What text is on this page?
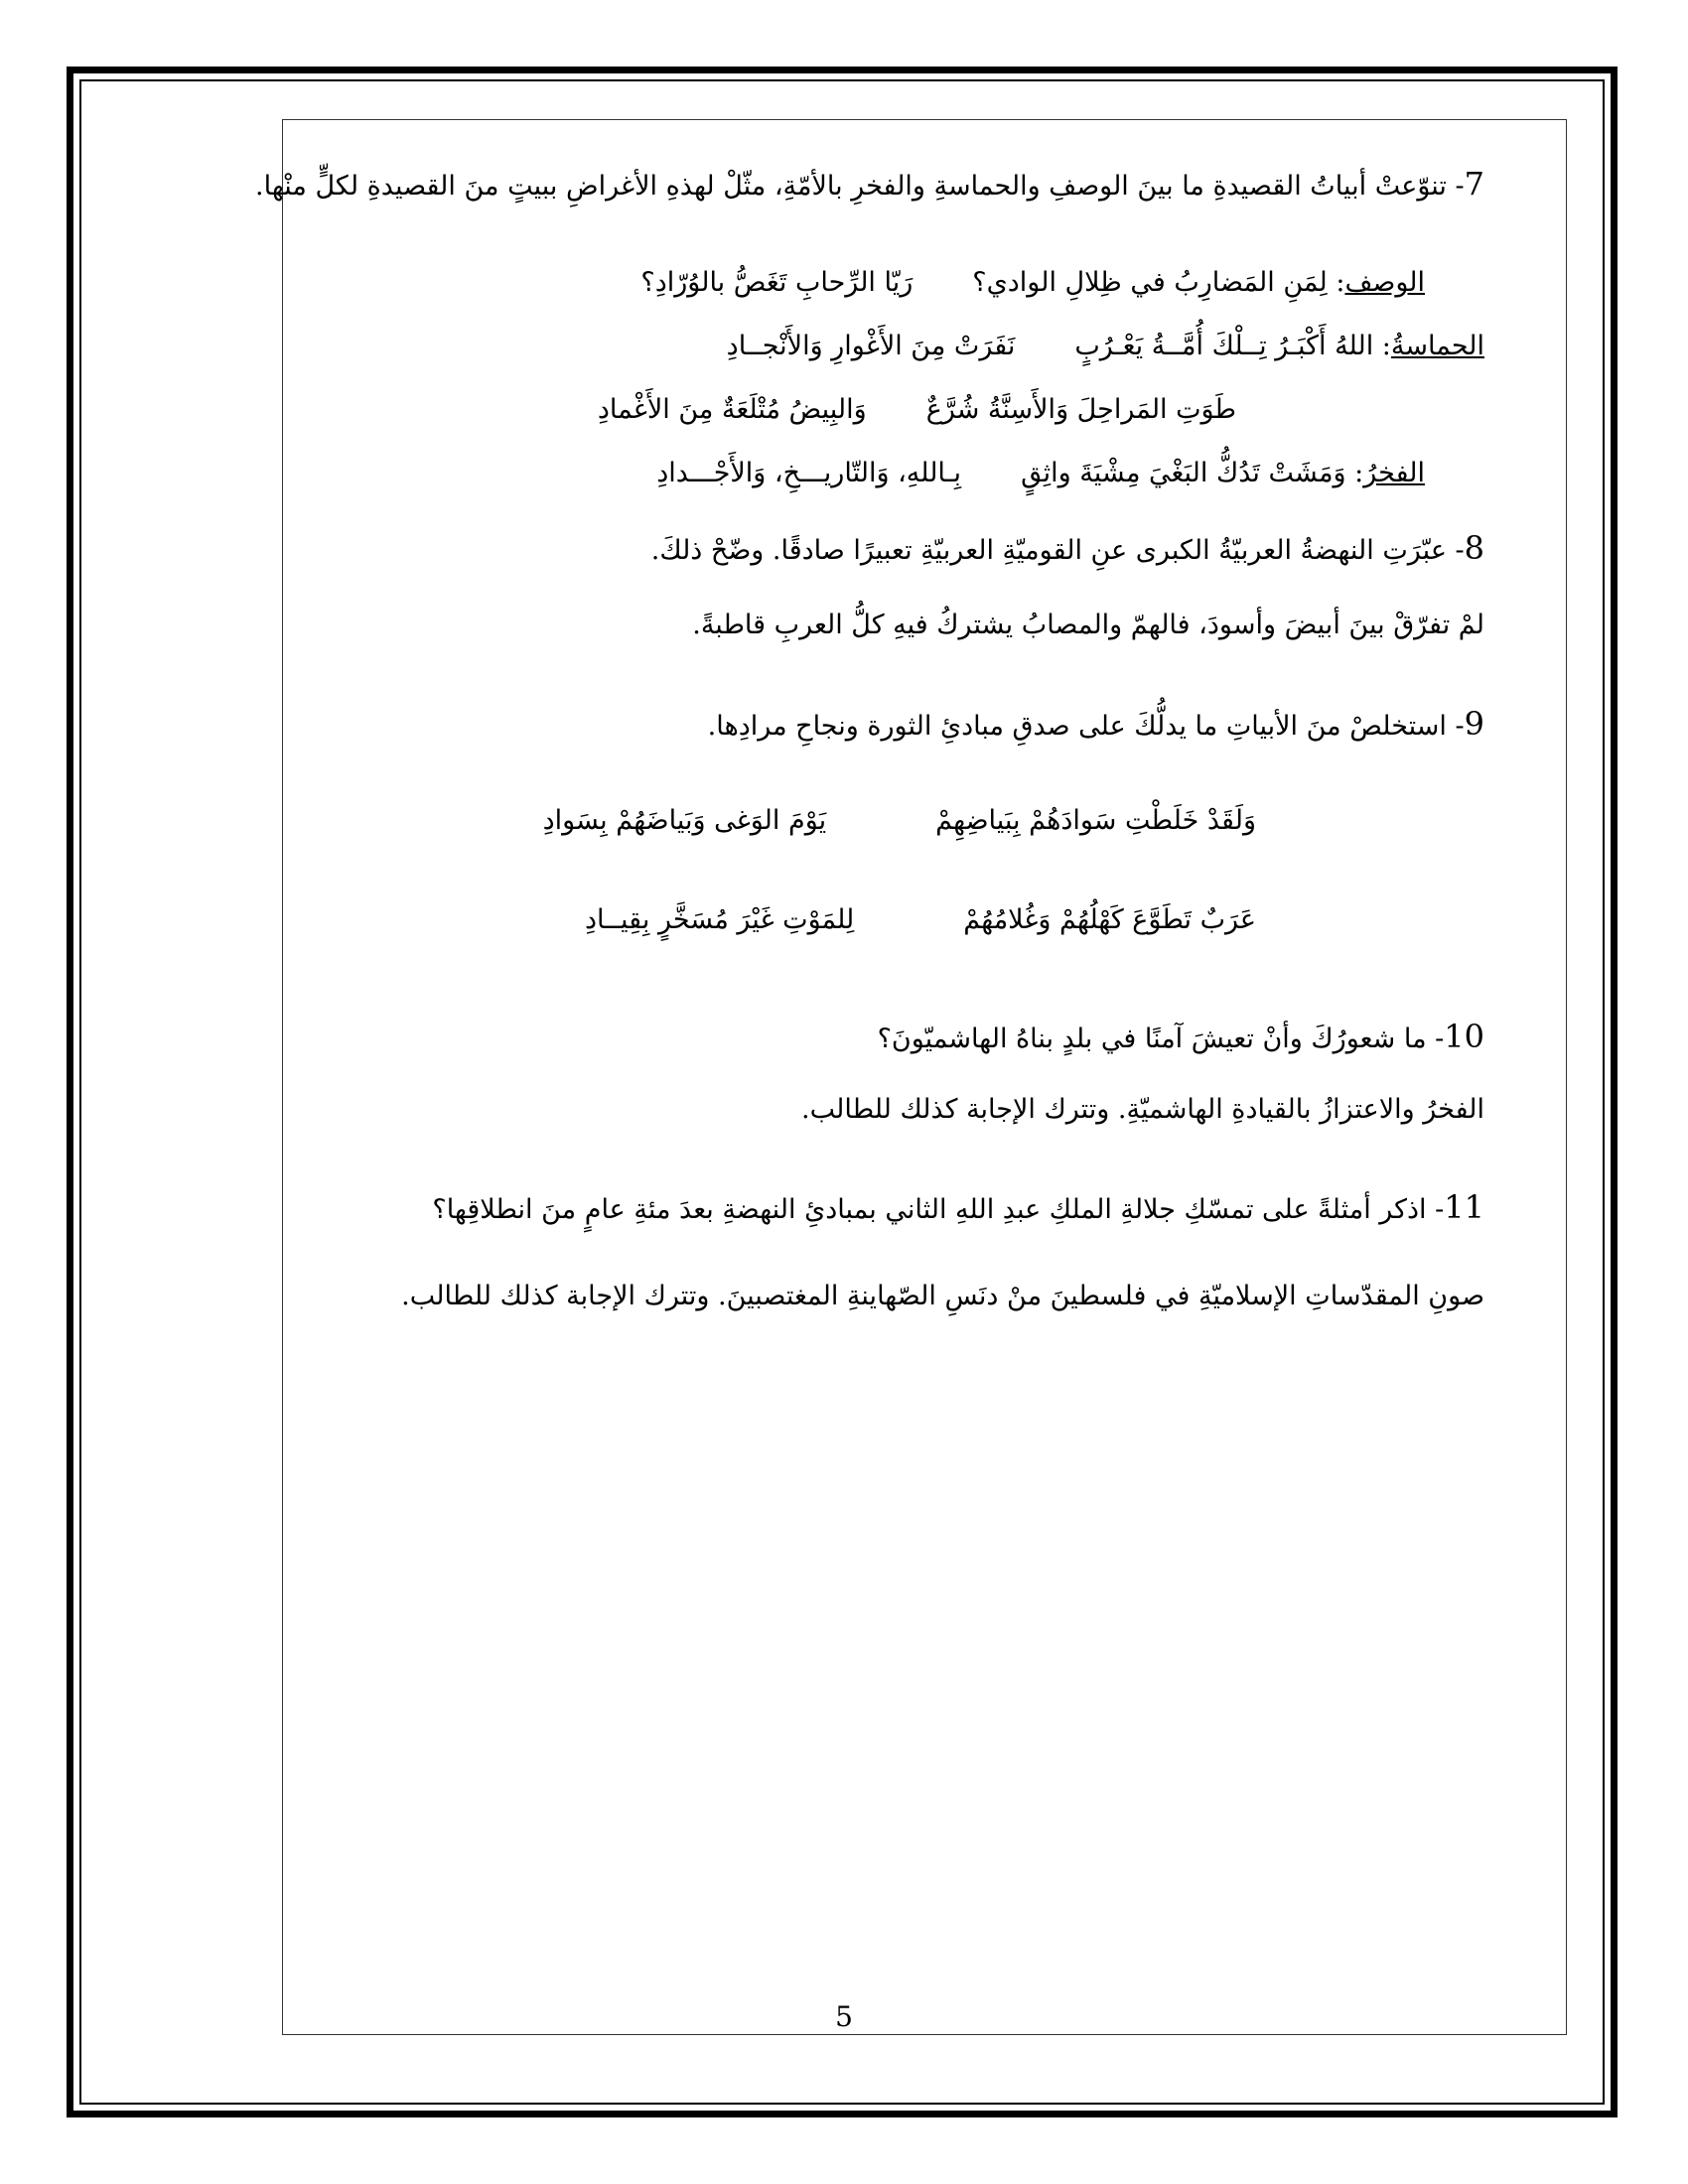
7- تنوّعتْ أبياتُ القصيدةِ ما بينَ الوصفِ والحماسةِ والفخرِ بالأمّةِ، مثّلْ لهذهِ الأغراضِ ببيتٍ منَ القصيدةِ لكلٍّ منْها.

الوصف: لِمَنِ المَضارِبُ في ظِلالِ الوادي؟
رَيّا الرِّحابِ تَغَصُّ بالوُرّادِ؟
الحماسةُ: اللهُ أَكْبَـرُ تِــلْكَ أُمَّــةُ يَعْـرُبٍ
نَفَرَتْ مِنَ الأَغْوارِ وَالأَنْجــادِ
طَوَتِ المَراحِلَ وَالأَسِنَّةُ شُرَّعٌ
وَالبِيضُ مُتْلَعَةٌ مِنَ الأَغْمادِ
الفخرُ: وَمَشَتْ تَدُكُّ البَغْيَ مِشْيَةَ واثِقٍ
بِـاللهِ، وَالتّاريـــخِ، وَالأَجْـــدادِ

8- عبّرَتِ النهضةُ العربيّةُ الكبرى عنِ القوميّةِ العربيّةِ تعبيرًا صادقًا. وضّحْ ذلكَ.

لمْ تفرّقْ بينَ أبيضَ وأسودَ، فالهمّ والمصابُ يشتركُ فيهِ كلُّ العربِ قاطبةً.

9- استخلصْ منَ الأبياتِ ما يدلُّكَ على صدقِ مبادئِ الثورة ونجاحِ مرادِها.

وَلَقَدْ خَلَطْتِ سَوادَهُمْ بِبَياضِهِمْ
يَوْمَ الوَغى وَبَياضَهُمْ بِسَوادِ
عَرَبٌ تَطَوَّعَ كَهْلُهُمْ وَغُلامُهُمْ
لِلمَوْتِ غَيْرَ مُسَخَّرٍ بِقِيــادِ

10- ما شعورُكَ وأنْ تعيشَ آمنًا في بلدٍ بناهُ الهاشميّونَ؟

الفخرُ والاعتزازُ بالقيادةِ الهاشميّةِ. وتترك الإجابة كذلك للطالب.

11- اذكر أمثلةً على تمسّكِ جلالةِ الملكِ عبدِ اللهِ الثاني بمبادئِ النهضةِ بعدَ مئةِ عامٍ منَ انطلاقِها؟

صونِ المقدّساتِ الإسلاميّةِ في فلسطينَ منْ دنَسِ الصّهاينةِ المغتصبينَ. وتترك الإجابة كذلك للطالب.

5
